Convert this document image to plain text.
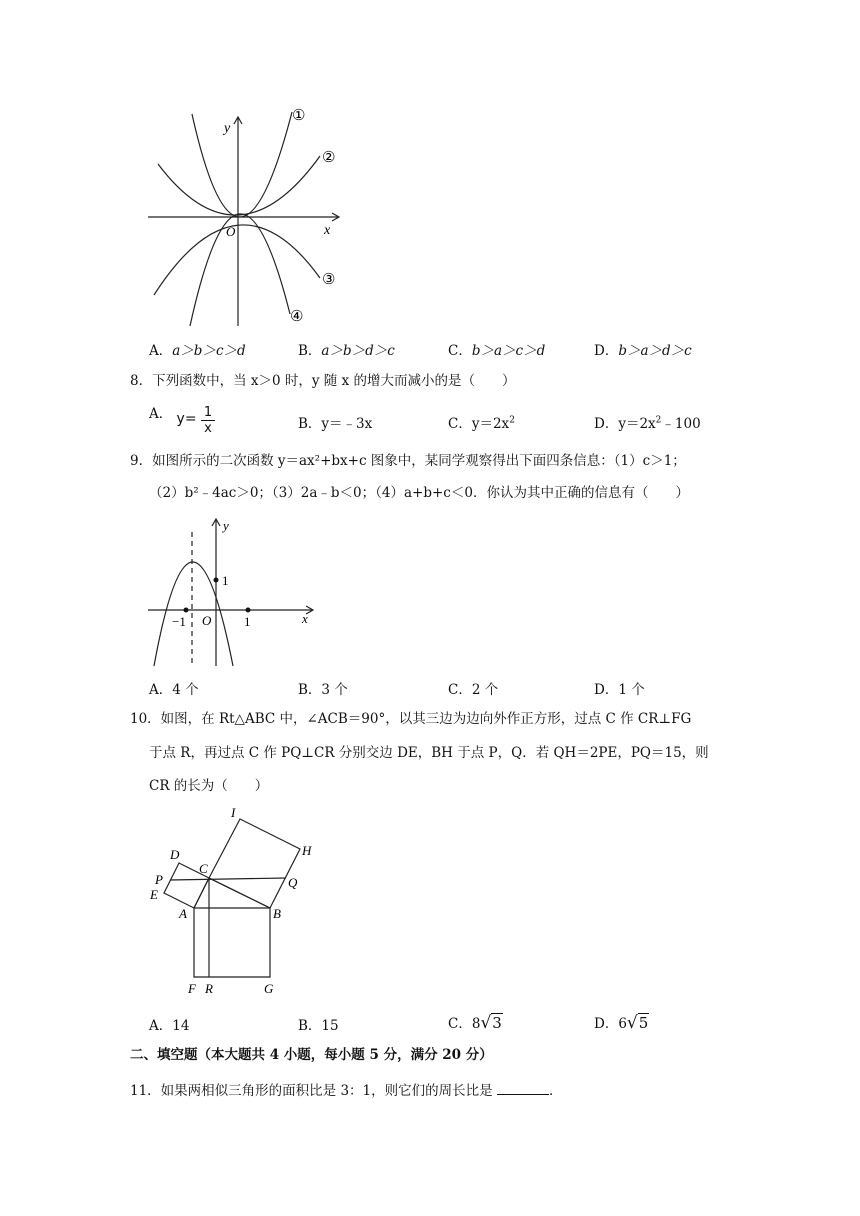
y
x
O
①
②
③
④
A．a＞b＞c＞d	B．a＞b＞d＞c	C．b＞a＞c＞d	D．b＞a＞d＞c
8．下列函数中，当 x＞0 时，y 随 x 的增大而减小的是（　　）
A． $y= \frac{1}{x}$	B．y＝﹣3x	C．$y=2x^2$	D．$y=2x^2﹣100$
9．如图所示的二次函数 y＝ax²+bx+c 图象中，某同学观察得出下面四条信息：（1）c＞1；
（2）b²﹣4ac＞0；（3）2a﹣b＜0；（4）a+b+c＜0．你认为其中正确的信息有（　　）
y
x
O
−1	1
1
A．4 个	B．3 个	C．2 个	D．1 个
10．如图，在 Rt△ABC 中，∠ACB＝90°，以其三边为边向外作正方形，过点 C 作 CR⊥FG
于点 R，再过点 C 作 PQ⊥CR 分别交边 DE，BH 于点 P，Q．若 QH＝2PE，PQ＝15，则
CR 的长为（　　）
I
H
D
C
Q
P
E
A	B
F R	G
A．14	B．15	C．8√3	D．6√5
二、填空题（本大题共 4 小题，每小题 5 分，满分 20 分）
11．如果两相似三角形的面积比是 3：1，则它们的周长比是	．
